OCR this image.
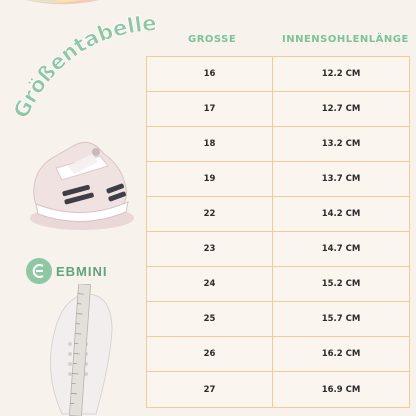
Größentabelle
EBMINI
GROSSE	INNENSOHLENLÄNGE
16	12.2 CM
17	12.7 CM
18	13.2 CM
19	13.7 CM
22	14.2 CM
23	14.7 CM
24	15.2 CM
25	15.7 CM
26	16.2 CM
27	16.9 CM
